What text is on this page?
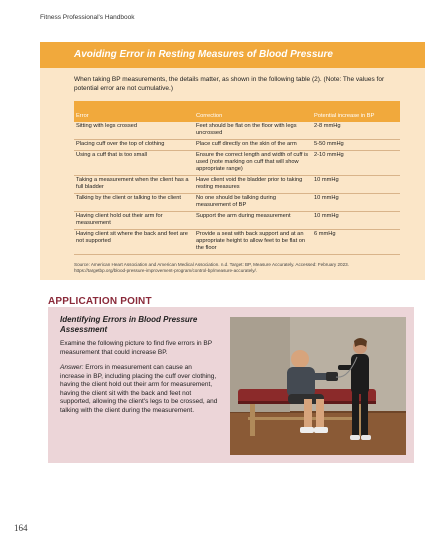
Fitness Professional's Handbook
Avoiding Error in Resting Measures of Blood Pressure
When taking BP measurements, the details matter, as shown in the following table (2). (Note: The values for potential error are not cumulative.)
Error	Correction	Potential increase in BP
Sitting with legs crossed	Feet should be flat on the floor with legs uncrossed	2-8 mmHg
Placing cuff over the top of clothing	Place cuff directly on the skin of the arm	5-50 mmHg
Using a cuff that is too small	Ensure the correct length and width of cuff is used (note marking on cuff that will show appropriate range)	2-10 mmHg
Taking a measurement when the client has a full bladder	Have client void the bladder prior to taking resting measures	10 mmHg
Talking by the client or talking to the client	No one should be talking during measurement of BP	10 mmHg
Having client hold out their arm for measurement	Support the arm during measurement	10 mmHg
Having client sit where the back and feet are not supported	Provide a seat with back support and at an appropriate height to allow feet to be flat on the floor	6 mmHg
Source: American Heart Association and American Medical Association. n.d. Target: BP, Measure Accurately. Accessed: February 2023. https://targetbp.org/blood-pressure-improvement-program/control-bp/measure-accurately/.
APPLICATION POINT
Identifying Errors in Blood Pressure Assessment
Examine the following picture to find five errors in BP measurement that could increase BP.
Answer: Errors in measurement can cause an increase in BP, including placing the cuff over clothing, having the client hold out their arm for measurement, having the client sit with the back and feet not supported, allowing the client's legs to be crossed, and talking with the client during the measurement.
164
